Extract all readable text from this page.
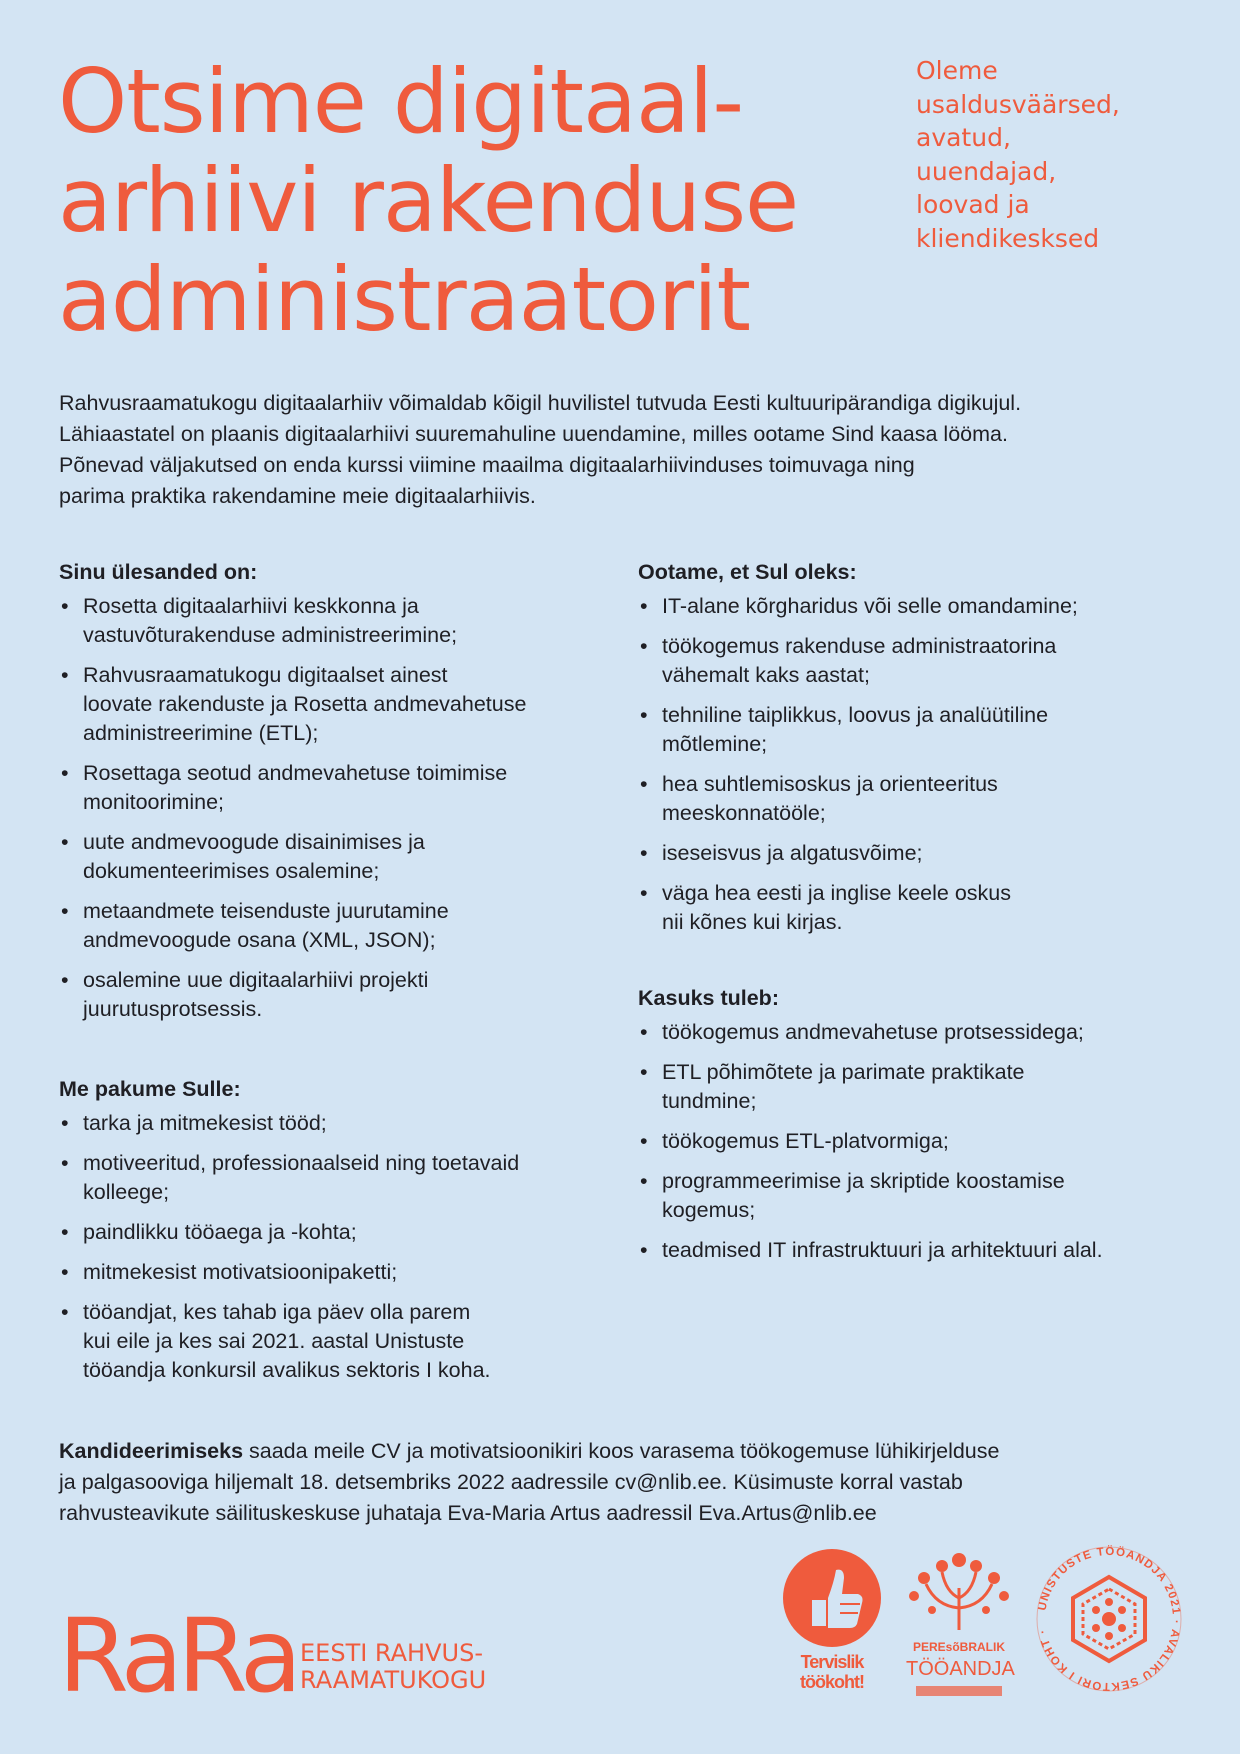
Otsime digitaal-
arhiivi rakenduse
administraatorit
Oleme
usaldusväärsed,
avatud,
uuendajad,
loovad ja
kliendikesksed
Rahvusraamatukogu digitaalarhiiv võimaldab kõigil huvilistel tutvuda Eesti kultuuripärandiga digikujul.
Lähiaastatel on plaanis digitaalarhiivi suuremahuline uuendamine, milles ootame Sind kaasa lööma.
Põnevad väljakutsed on enda kurssi viimine maailma digitaalarhiivinduses toimuvaga ning
parima praktika rakendamine meie digitaalarhiivis.
Sinu ülesanded on:
• Rosetta digitaalarhiivi keskkonna ja
vastuvõturakenduse administreerimine;
• Rahvusraamatukogu digitaalset ainest
loovate rakenduste ja Rosetta andmevahetuse
administreerimine (ETL);
• Rosettaga seotud andmevahetuse toimimise
monitoorimine;
• uute andmevoogude disainimises ja
dokumenteerimises osalemine;
• metaandmete teisenduste juurutamine
andmevoogude osana (XML, JSON);
• osalemine uue digitaalarhiivi projekti
juurutusprotsessis.
Me pakume Sulle:
• tarka ja mitmekesist tööd;
• motiveeritud, professionaalseid ning toetavaid
kolleege;
• paindlikku tööaega ja -kohta;
• mitmekesist motivatsioonipaketti;
• tööandjat, kes tahab iga päev olla parem
kui eile ja kes sai 2021. aastal Unistuste
tööandja konkursil avalikus sektoris I koha.
Ootame, et Sul oleks:
• IT-alane kõrgharidus või selle omandamine;
• töökogemus rakenduse administraatorina
vähemalt kaks aastat;
• tehniline taiplikkus, loovus ja analüütiline
mõtlemine;
• hea suhtlemisoskus ja orienteeritus
meeskonnatööle;
• iseseisvus ja algatusvõime;
• väga hea eesti ja inglise keele oskus
nii kõnes kui kirjas.
Kasuks tuleb:
• töökogemus andmevahetuse protsessidega;
• ETL põhimõtete ja parimate praktikate
tundmine;
• töökogemus ETL-platvormiga;
• programmeerimise ja skriptide koostamise
kogemus;
• teadmised IT infrastruktuuri ja arhitektuuri alal.
Kandideerimiseks saada meile CV ja motivatsioonikiri koos varasema töökogemuse lühikirjelduse
ja palgasooviga hiljemalt 18. detsembriks 2022 aadressile cv@nlib.ee. Küsimuste korral vastab
rahvusteavikute säilituskeskuse juhataja Eva-Maria Artus aadressil Eva.Artus@nlib.ee
RaRa EESTI RAHVUS-
RAAMATUKOGU
Tervislik
töökoht!
PEREsõBRALIK
TÖÖANDJA
UNISTUSTE TÖÖANDJA 2021 · AVALIKU SEKTORI I KOHT ·
